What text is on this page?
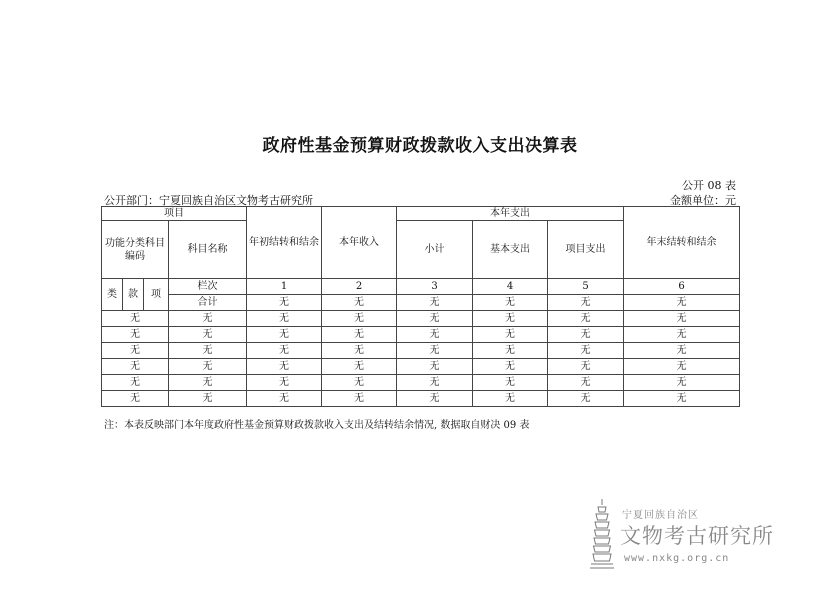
政府性基金预算财政拨款收入支出决算表
公开 08 表
公开部门：宁夏回族自治区文物考古研究所	金额单位：元
项目				年初结转和结余	本年收入	本年支出			年末结转和结余
功能分类科目编码			科目名称			小计	基本支出	项目支出	
类	款	项	栏次	1	2	3	4	5	6
			合计	无	无	无	无	无	无
无			无	无	无	无	无	无	无
无			无	无	无	无	无	无	无
无			无	无	无	无	无	无	无
无			无	无	无	无	无	无	无
无			无	无	无	无	无	无	无
无			无	无	无	无	无	无	无
注：本表反映部门本年度政府性基金预算财政拨款收入支出及结转结余情况, 数据取自财决 09 表
宁夏回族自治区
文物考古研究所
www.nxkg.org.cn
